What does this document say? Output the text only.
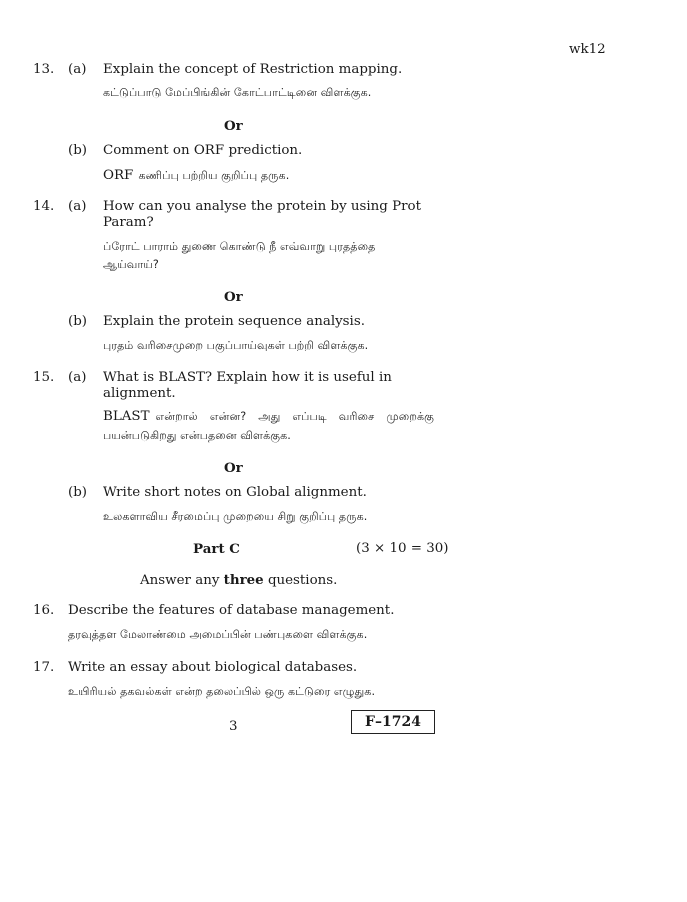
wk12
13. (a) Explain the concept of Restriction mapping.
கட்டுப்பாடு மேப்பிங்கின் கோட்பாட்டினை விளக்குக.
Or
(b) Comment on ORF prediction.
ORF கணிப்பு பற்றிய குறிப்பு தருக.
14. (a) How can you analyse the protein by using Prot
Param?
ப்ரோட் பாராம் துணை கொண்டு நீ எவ்வாறு புரதத்தை
ஆய்வாய்?
Or
(b) Explain the protein sequence analysis.
புரதம் வரிசைமுறை பகுப்பாய்வுகள் பற்றி விளக்குக.
15. (a) What is BLAST? Explain how it is useful in
alignment.
BLAST என்றால் என்ன? அது எப்படி வரிசை முறைக்கு
பயன்படுகிறது என்பதனை விளக்குக.
Or
(b) Write short notes on Global alignment.
உலகளாவிய சீரமைப்பு முறையை சிறு குறிப்பு தருக.
Part C	(3 × 10 = 30)
Answer any three questions.
16. Describe the features of database management.
தரவுத்தள மேலாண்மை அமைப்பின் பண்புகளை விளக்குக.
17. Write an essay about biological databases.
உயிரியல் தகவல்கள் என்ற தலைப்பில் ஒரு கட்டுரை எழுதுக.
3	F–1724
